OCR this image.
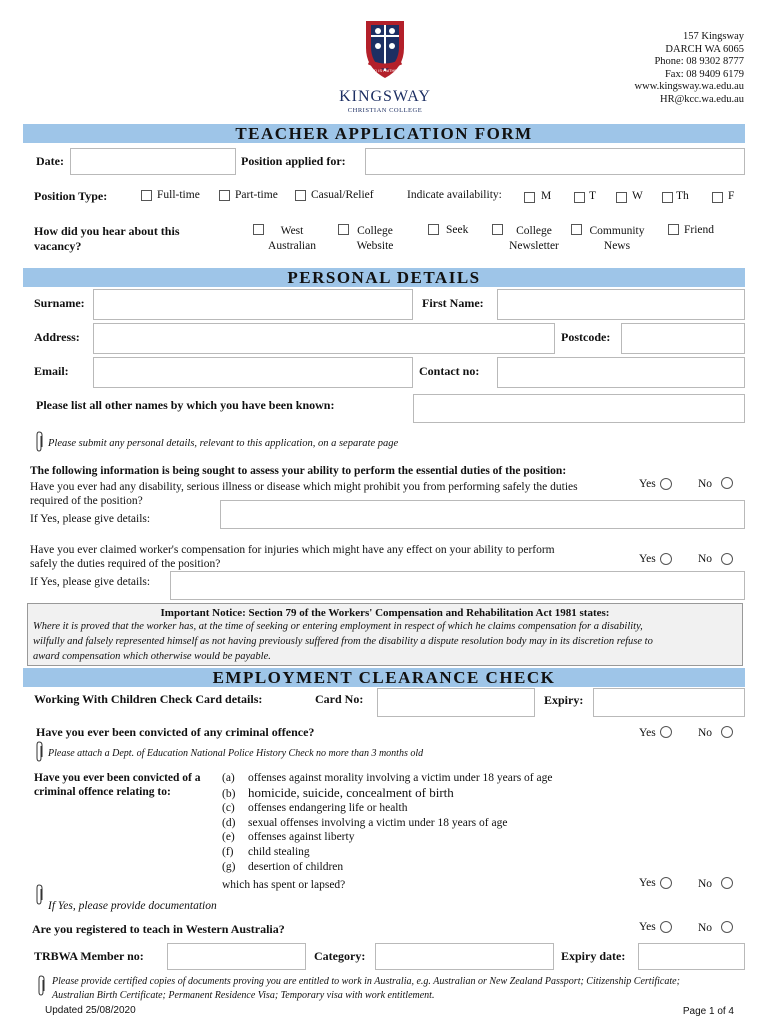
GOD IS FAITHFUL
KINGSWAY
CHRISTIAN COLLEGE
157 Kingsway
DARCH WA 6065
Phone: 08 9302 8777
Fax: 08 9409 6179
www.kingsway.wa.edu.au
HR@kcc.wa.edu.au
TEACHER APPLICATION FORM
Date:	Position applied for:
Position Type:	Full-time	Part-time	Casual/Relief	Indicate availability:	M	T	W	Th	F
How did you hear about this
vacancy?
West
Australian
College
Website
Seek	College
Newsletter
Community
News
Friend
PERSONAL DETAILS
Surname:	First Name:
Address:	Postcode:
Email:	Contact no:
Please list all other names by which you have been known:
Please submit any personal details, relevant to this application, on a separate page
The following information is being sought to assess your ability to perform the essential duties of the position:
Have you ever had any disability, serious illness or disease which might prohibit you from performing safely the duties
required of the position?
Yes	No
If Yes, please give details:
Have you ever claimed worker's compensation for injuries which might have any effect on your ability to perform
safely the duties required of the position?	Yes	No
If Yes, please give details:
Important Notice: Section 79 of the Workers' Compensation and Rehabilitation Act 1981 states:
Where it is proved that the worker has, at the time of seeking or entering employment in respect of which he claims compensation for a disability,
wilfully and falsely represented himself as not having previously suffered from the disability a dispute resolution body may in its discretion refuse to
award compensation which otherwise would be payable.
EMPLOYMENT CLEARANCE CHECK
Working With Children Check Card details:	Card No:	Expiry:
Have you ever been convicted of any criminal offence?	Yes	No
Please attach a Dept. of Education National Police History Check no more than 3 months old
Have you ever been convicted of a
criminal offence relating to:
(a) offenses against morality involving a victim under 18 years of age
(b) homicide, suicide, concealment of birth
(c) offenses endangering life or health
(d) sexual offenses involving a victim under 18 years of age
(e) offenses against liberty
(f) child stealing
(g) desertion of children
which has spent or lapsed?	Yes	No
If Yes, please provide documentation
Are you registered to teach in Western Australia?	Yes	No
TRBWA Member no:	Category:	Expiry date:
Please provide certified copies of documents proving you are entitled to work in Australia, e.g. Australian or New Zealand Passport; Citizenship Certificate;
Australian Birth Certificate; Permanent Residence Visa; Temporary visa with work entitlement.
Updated 25/08/2020	Page 1 of 4
